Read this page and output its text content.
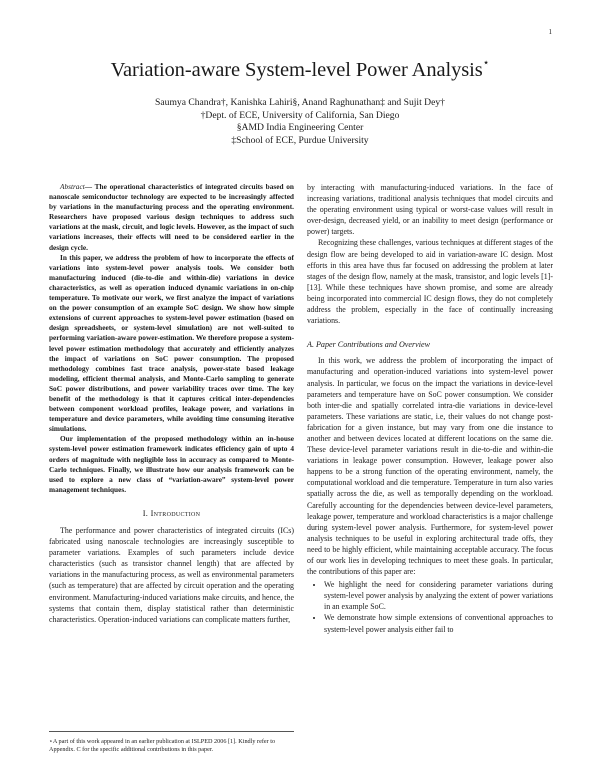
1
Variation-aware System-level Power Analysis⋆
Saumya Chandra†, Kanishka Lahiri§, Anand Raghunathan‡ and Sujit Dey†
†Dept. of ECE, University of California, San Diego
§AMD India Engineering Center
‡School of ECE, Purdue University

Abstract— The operational characteristics of integrated circuits based on nanoscale semiconductor technology are expected to be increasingly affected by variations in the manufacturing process and the operating environment. Researchers have proposed various design techniques to address such variations at the mask, circuit, and logic levels. However, as the impact of such variations increases, their effects will need to be considered earlier in the design cycle.

In this paper, we address the problem of how to incorporate the effects of variations into system-level power analysis tools. We consider both manufacturing induced (die-to-die and within-die) variations in device characteristics, as well as operation induced dynamic variations in on-chip temperature. To motivate our work, we first analyze the impact of variations on the power consumption of an example SoC design. We show how simple extensions of current approaches to system-level power estimation (based on design spreadsheets, or system-level simulation) are not well-suited to performing variation-aware power-estimation. We therefore propose a system-level power estimation methodology that accurately and efficiently analyzes the impact of variations on SoC power consumption. The proposed methodology combines fast trace analysis, power-state based leakage modeling, efficient thermal analysis, and Monte-Carlo sampling to generate SoC power distributions, and power variability traces over time. The key benefit of the methodology is that it captures critical inter-dependencies between component workload profiles, leakage power, and variations in temperature and device parameters, while avoiding time consuming iterative simulations.

Our implementation of the proposed methodology within an in-house system-level power estimation framework indicates efficiency gain of upto 4 orders of magnitude with negligible loss in accuracy as compared to Monte-Carlo techniques. Finally, we illustrate how our analysis framework can be used to explore a new class of “variation-aware” system-level power management techniques.

I. Introduction

The performance and power characteristics of integrated circuits (ICs) fabricated using nanoscale technologies are increasingly susceptible to parameter variations. Examples of such parameters include device characteristics (such as transistor channel length) that are affected by variations in the manufacturing process, as well as environmental parameters (such as temperature) that are affected by circuit operation and the operating environment. Manufacturing-induced variations make circuits, and hence, the systems that contain them, display statistical rather than deterministic characteristics. Operation-induced variations can complicate matters further,

⋆A part of this work appeared in an earlier publication at ISLPED 2006 [1]. Kindly refer to Appendix. C for the specific additional contributions in this paper.

by interacting with manufacturing-induced variations. In the face of increasing variations, traditional analysis techniques that model circuits and the operating environment using typical or worst-case values will result in over-design, decreased yield, or an inability to meet design (performance or power) targets.

Recognizing these challenges, various techniques at different stages of the design flow are being developed to aid in variation-aware IC design. Most efforts in this area have thus far focused on addressing the problem at later stages of the design flow, namely at the mask, transistor, and logic levels [1]-[13]. While these techniques have shown promise, and some are already being incorporated into commercial IC design flows, they do not completely address the problem, especially in the face of continually increasing variations.

A. Paper Contributions and Overview

In this work, we address the problem of incorporating the impact of manufacturing and operation-induced variations into system-level power analysis. In particular, we focus on the impact the variations in device-level parameters and temperature have on SoC power consumption. We consider both inter-die and spatially correlated intra-die variations in device-level parameters. These variations are static, i.e, their values do not change post-fabrication for a given instance, but may vary from one die instance to another and between devices located at different locations on the same die. These device-level parameter variations result in die-to-die and within-die variations in leakage power consumption. However, leakage power also happens to be a strong function of the operating environment, namely, the computational workload and die temperature. Temperature in turn also varies spatially across the die, as well as temporally depending on the workload. Carefully accounting for the dependencies between device-level parameters, leakage power, temperature and workload characteristics is a major challenge during system-level power analysis. Furthermore, for system-level power analysis techniques to be useful in exploring architectural trade offs, they need to be highly efficient, while maintaining acceptable accuracy. The focus of our work lies in developing techniques to meet these goals. In particular, the contributions of this paper are:

• We highlight the need for considering parameter variations during system-level power analysis by analyzing the extent of power variations in an example SoC.
• We demonstrate how simple extensions of conventional approaches to system-level power analysis either fail to
